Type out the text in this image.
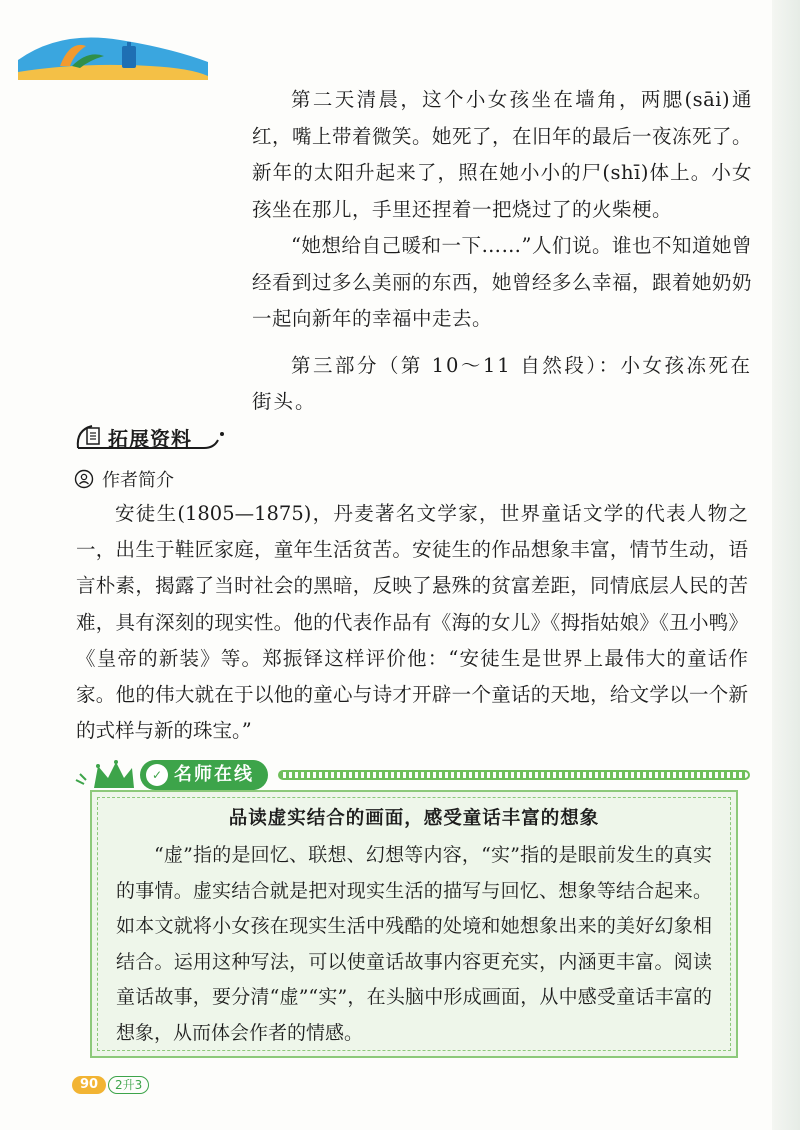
第二天清晨，这个小女孩坐在墙角，两腮(sāi)通红，嘴上带着微笑。她死了，在旧年的最后一夜冻死了。新年的太阳升起来了，照在她小小的尸(shī)体上。小女孩坐在那儿，手里还捏着一把烧过了的火柴梗。

“她想给自己暖和一下……”人们说。谁也不知道她曾经看到过多么美丽的东西，她曾经多么幸福，跟着她奶奶一起向新年的幸福中走去。

第三部分（第 10～11 自然段）：小女孩冻死在街头。

拓展资料
作者简介

安徒生(1805—1875)，丹麦著名文学家，世界童话文学的代表人物之一，出生于鞋匠家庭，童年生活贫苦。安徒生的作品想象丰富，情节生动，语言朴素，揭露了当时社会的黑暗，反映了悬殊的贫富差距，同情底层人民的苦难，具有深刻的现实性。他的代表作品有《海的女儿》《拇指姑娘》《丑小鸭》《皇帝的新装》等。郑振铎这样评价他：“安徒生是世界上最伟大的童话作家。他的伟大就在于以他的童心与诗才开辟一个童话的天地，给文学以一个新的式样与新的珠宝。”

✓ 名师在线
品读虚实结合的画面，感受童话丰富的想象

“虚”指的是回忆、联想、幻想等内容，“实”指的是眼前发生的真实的事情。虚实结合就是把对现实生活的描写与回忆、想象等结合起来。如本文就将小女孩在现实生活中残酷的处境和她想象出来的美好幻象相结合。运用这种写法，可以使童话故事内容更充实，内涵更丰富。阅读童话故事，要分清“虚”“实”，在头脑中形成画面，从中感受童话丰富的想象，从而体会作者的情感。

90	2升3
